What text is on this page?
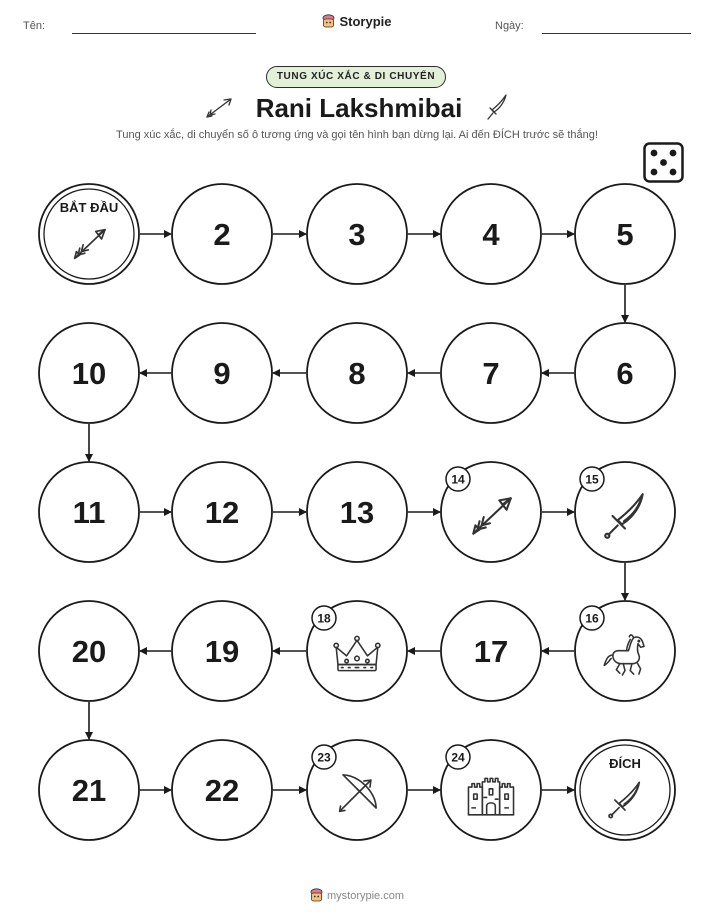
Tên:	Ngày:
Storypie
TUNG XÚC XẮC & DI CHUYỂN
Rani Lakshmibai
Tung xúc xắc, di chuyển số ô tương ứng và gọi tên hình bạn dừng lại. Ai đến ĐÍCH trước sẽ thắng!
BẮT ĐẦU
2	3	4	5
6
7
8
9
10
11	12	13
14	15
16
17
18
19
20
21	22
23	24	ĐÍCH
mystorypie.com
